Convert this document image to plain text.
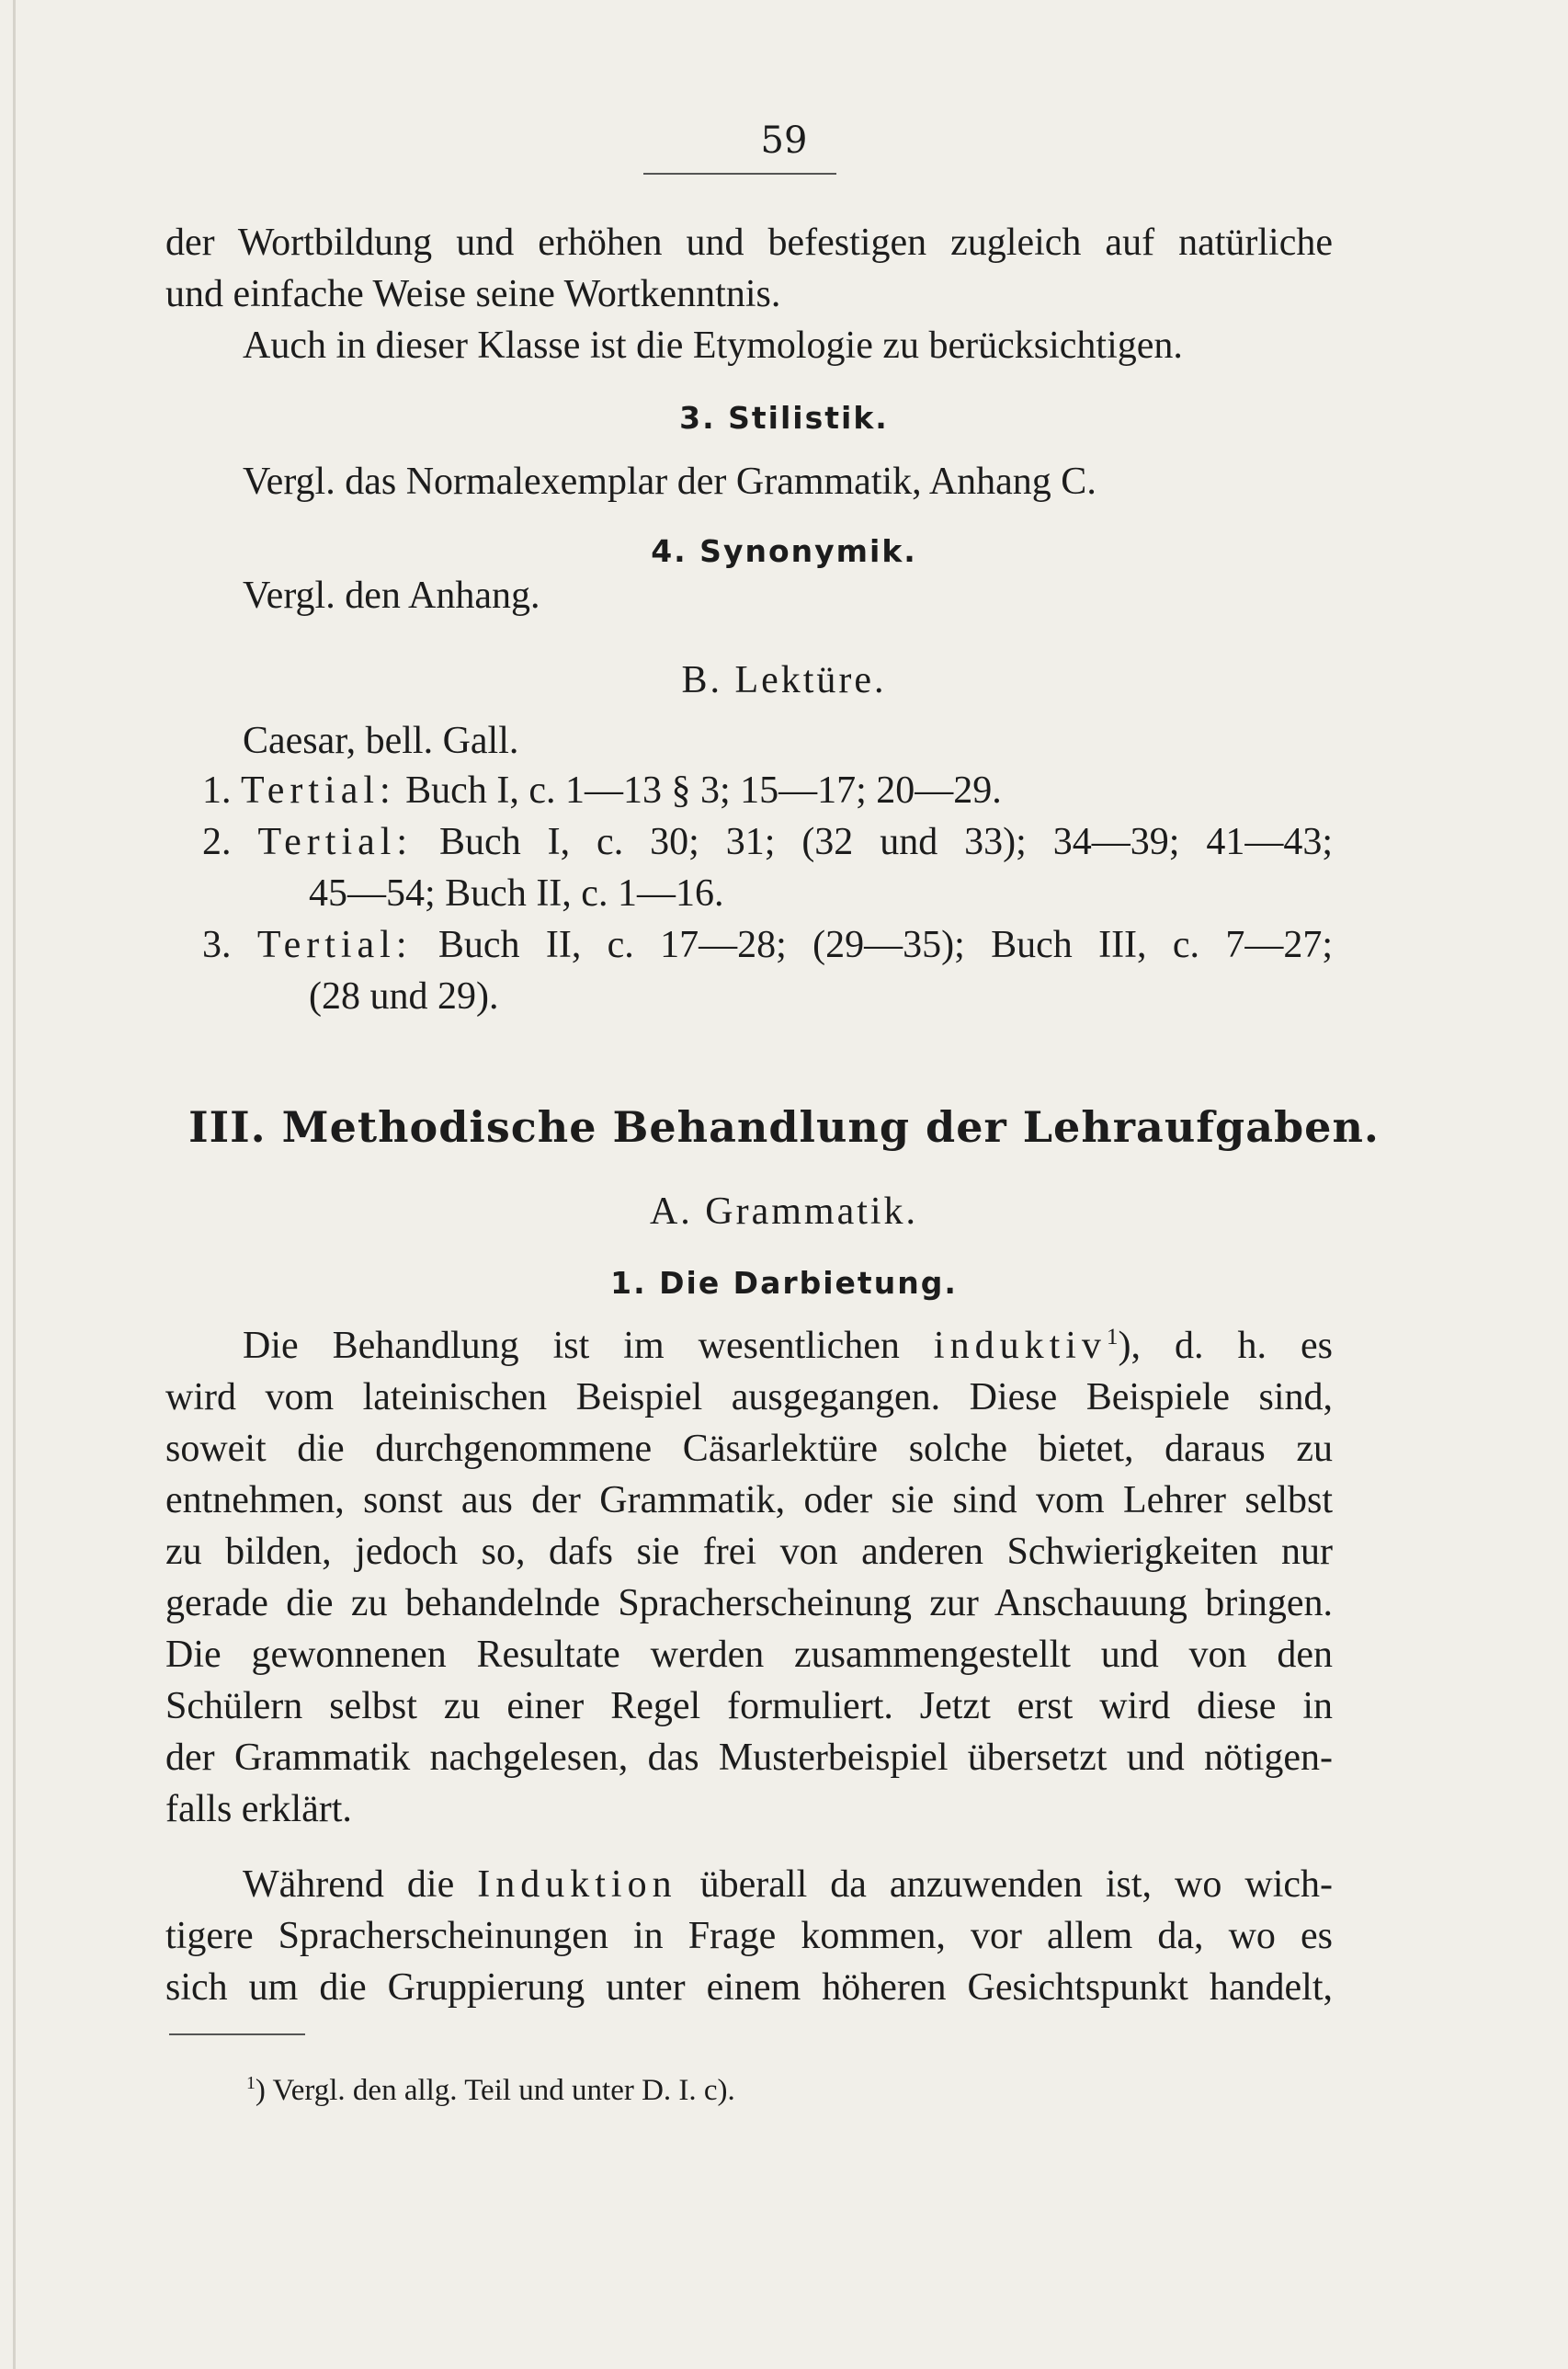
59
der Wortbildung und erhöhen und befestigen zugleich auf natürliche
und einfache Weise seine Wortkenntnis.
Auch in dieser Klasse ist die Etymologie zu berücksichtigen.
3. Stilistik.
Vergl. das Normalexemplar der Grammatik, Anhang C.
4. Synonymik.
Vergl. den Anhang.
B. Lektüre.
Caesar, bell. Gall.
1. Tertial: Buch I, c. 1—13 § 3; 15—17; 20—29.
2. Tertial: Buch I, c. 30; 31; (32 und 33); 34—39; 41—43;
45—54; Buch II, c. 1—16.
3. Tertial: Buch II, c. 17—28; (29—35); Buch III, c. 7—27;
(28 und 29).
III. Methodische Behandlung der Lehraufgaben.
A. Grammatik.
1. Die Darbietung.
Die Behandlung ist im wesentlichen induktiv$^1$), d. h. es
wird vom lateinischen Beispiel ausgegangen. Diese Beispiele sind,
soweit die durchgenommene Cäsarlektüre solche bietet, daraus zu
entnehmen, sonst aus der Grammatik, oder sie sind vom Lehrer selbst
zu bilden, jedoch so, dafs sie frei von anderen Schwierigkeiten nur
gerade die zu behandelnde Spracherscheinung zur Anschauung bringen.
Die gewonnenen Resultate werden zusammengestellt und von den
Schülern selbst zu einer Regel formuliert. Jetzt erst wird diese in
der Grammatik nachgelesen, das Musterbeispiel übersetzt und nötigen-
falls erklärt.
Während die Induktion überall da anzuwenden ist, wo wich-
tigere Spracherscheinungen in Frage kommen, vor allem da, wo es
sich um die Gruppierung unter einem höheren Gesichtspunkt handelt,
$^1$) Vergl. den allg. Teil und unter D. I. c).
